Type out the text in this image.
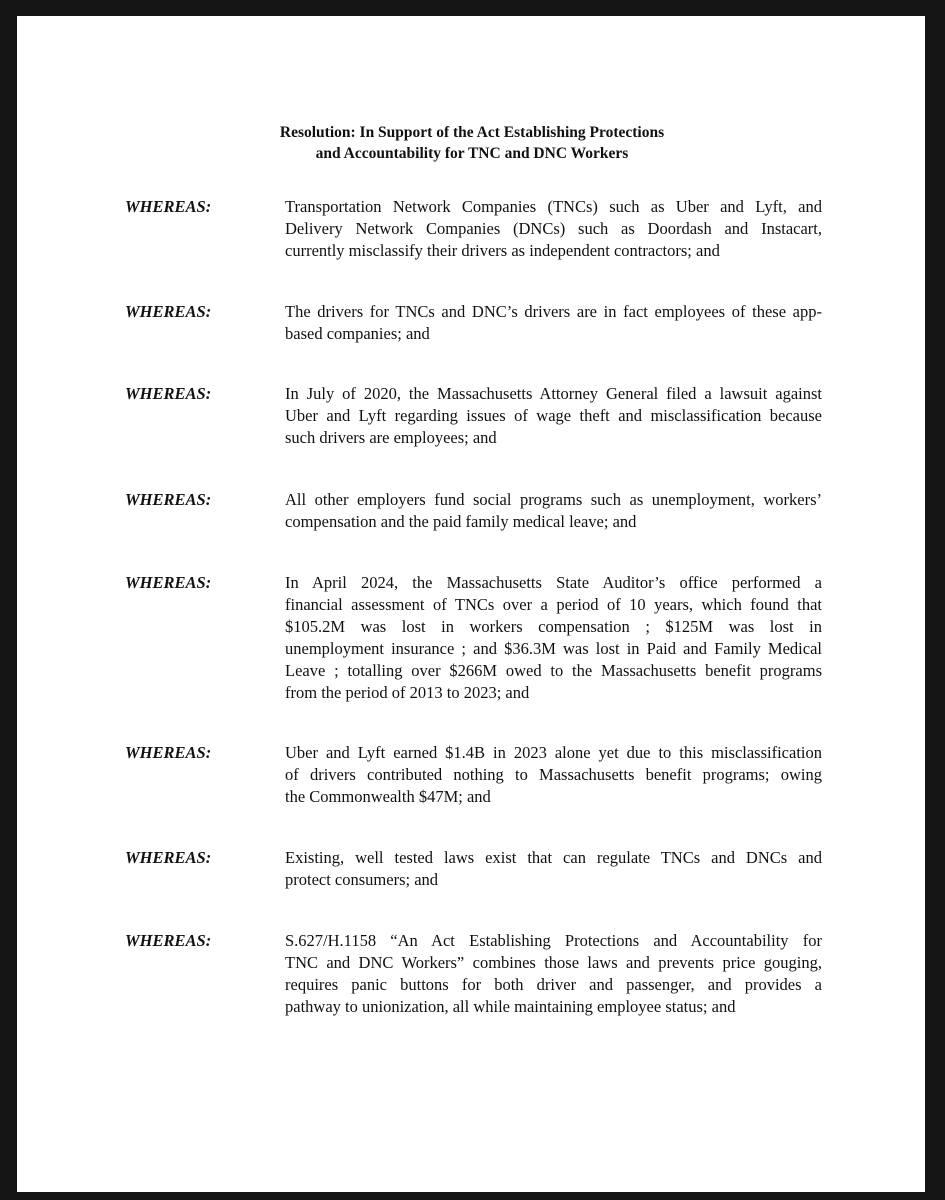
Resolution: In Support of the Act Establishing Protections
and Accountability for TNC and DNC Workers
WHEREAS:	Transportation Network Companies (TNCs) such as Uber and Lyft, and
Delivery Network Companies (DNCs) such as Doordash and Instacart,
currently misclassify their drivers as independent contractors; and
WHEREAS:	The drivers for TNCs and DNC’s drivers are in fact employees of these app-
based companies; and
WHEREAS:	In July of 2020, the Massachusetts Attorney General filed a lawsuit against
Uber and Lyft regarding issues of wage theft and misclassification because
such drivers are employees; and
WHEREAS:	All other employers fund social programs such as unemployment, workers’
compensation and the paid family medical leave; and
WHEREAS:	In April 2024, the Massachusetts State Auditor’s office performed a
financial assessment of TNCs over a period of 10 years, which found that
$105.2M was lost in workers compensation ; $125M was lost in
unemployment insurance ; and $36.3M was lost in Paid and Family Medical
Leave ; totalling over $266M owed to the Massachusetts benefit programs
from the period of 2013 to 2023; and
WHEREAS:	Uber and Lyft earned $1.4B in 2023 alone yet due to this misclassification
of drivers contributed nothing to Massachusetts benefit programs; owing
the Commonwealth $47M; and
WHEREAS:	Existing, well tested laws exist that can regulate TNCs and DNCs and
protect consumers; and
WHEREAS:	S.627/H.1158 “An Act Establishing Protections and Accountability for
TNC and DNC Workers” combines those laws and prevents price gouging,
requires panic buttons for both driver and passenger, and provides a
pathway to unionization, all while maintaining employee status; and
